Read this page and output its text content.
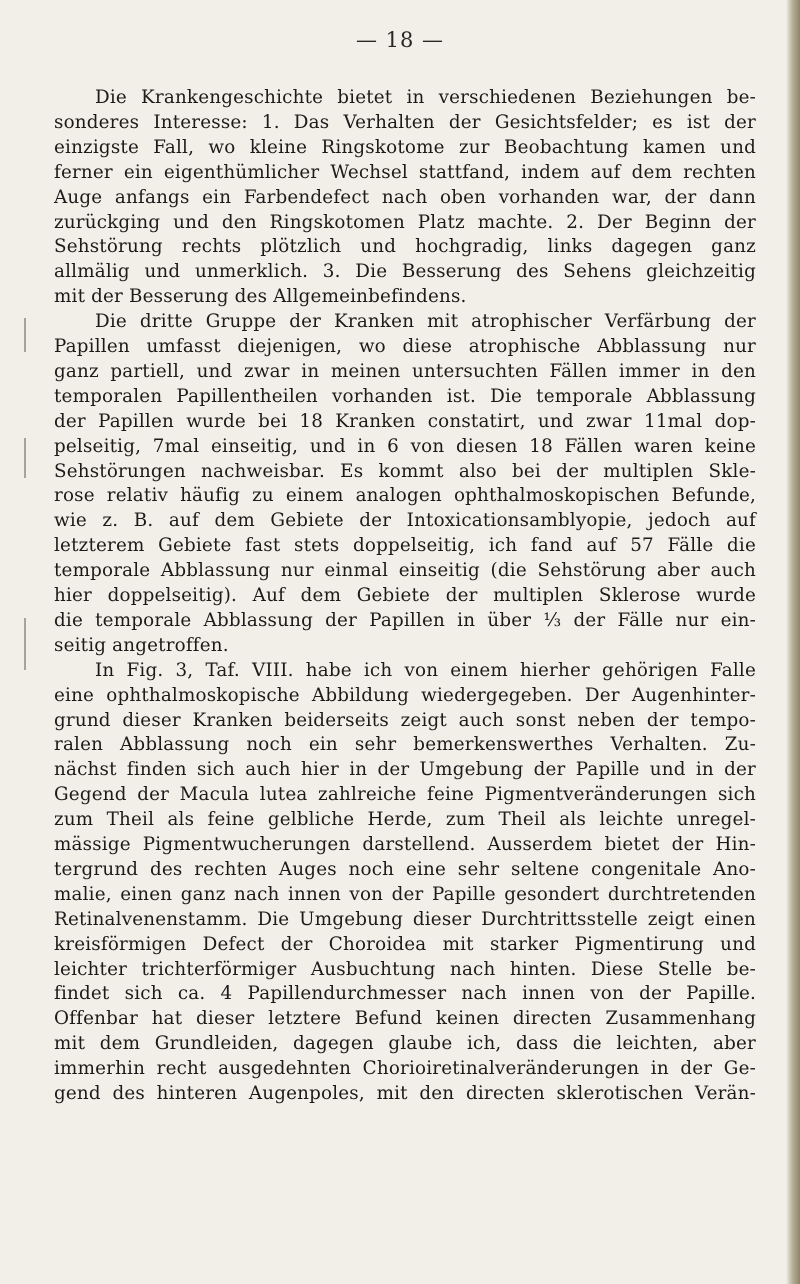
— 18 —
Die Krankengeschichte bietet in verschiedenen Beziehungen be-
sonderes Interesse: 1. Das Verhalten der Gesichtsfelder; es ist der
einzigste Fall, wo kleine Ringskotome zur Beobachtung kamen und
ferner ein eigenthümlicher Wechsel stattfand, indem auf dem rechten
Auge anfangs ein Farbendefect nach oben vorhanden war, der dann
zurückging und den Ringskotomen Platz machte. 2. Der Beginn der
Sehstörung rechts plötzlich und hochgradig, links dagegen ganz
allmälig und unmerklich. 3. Die Besserung des Sehens gleichzeitig
mit der Besserung des Allgemeinbefindens.
Die dritte Gruppe der Kranken mit atrophischer Verfärbung der
Papillen umfasst diejenigen, wo diese atrophische Abblassung nur
ganz partiell, und zwar in meinen untersuchten Fällen immer in den
temporalen Papillentheilen vorhanden ist. Die temporale Abblassung
der Papillen wurde bei 18 Kranken constatirt, und zwar 11mal dop-
pelseitig, 7mal einseitig, und in 6 von diesen 18 Fällen waren keine
Sehstörungen nachweisbar. Es kommt also bei der multiplen Skle-
rose relativ häufig zu einem analogen ophthalmoskopischen Befunde,
wie z. B. auf dem Gebiete der Intoxicationsamblyopie, jedoch auf
letzterem Gebiete fast stets doppelseitig, ich fand auf 57 Fälle die
temporale Abblassung nur einmal einseitig (die Sehstörung aber auch
hier doppelseitig). Auf dem Gebiete der multiplen Sklerose wurde
die temporale Abblassung der Papillen in über ⅓ der Fälle nur ein-
seitig angetroffen.
In Fig. 3, Taf. VIII. habe ich von einem hierher gehörigen Falle
eine ophthalmoskopische Abbildung wiedergegeben. Der Augenhinter-
grund dieser Kranken beiderseits zeigt auch sonst neben der tempo-
ralen Abblassung noch ein sehr bemerkenswerthes Verhalten. Zu-
nächst finden sich auch hier in der Umgebung der Papille und in der
Gegend der Macula lutea zahlreiche feine Pigmentveränderungen sich
zum Theil als feine gelbliche Herde, zum Theil als leichte unregel-
mässige Pigmentwucherungen darstellend. Ausserdem bietet der Hin-
tergrund des rechten Auges noch eine sehr seltene congenitale Ano-
malie, einen ganz nach innen von der Papille gesondert durchtretenden
Retinalvenenstamm. Die Umgebung dieser Durchtrittsstelle zeigt einen
kreisförmigen Defect der Choroidea mit starker Pigmentirung und
leichter trichterförmiger Ausbuchtung nach hinten. Diese Stelle be-
findet sich ca. 4 Papillendurchmesser nach innen von der Papille.
Offenbar hat dieser letztere Befund keinen directen Zusammenhang
mit dem Grundleiden, dagegen glaube ich, dass die leichten, aber
immerhin recht ausgedehnten Chorioiretinalveränderungen in der Ge-
gend des hinteren Augenpoles, mit den directen sklerotischen Verän-
